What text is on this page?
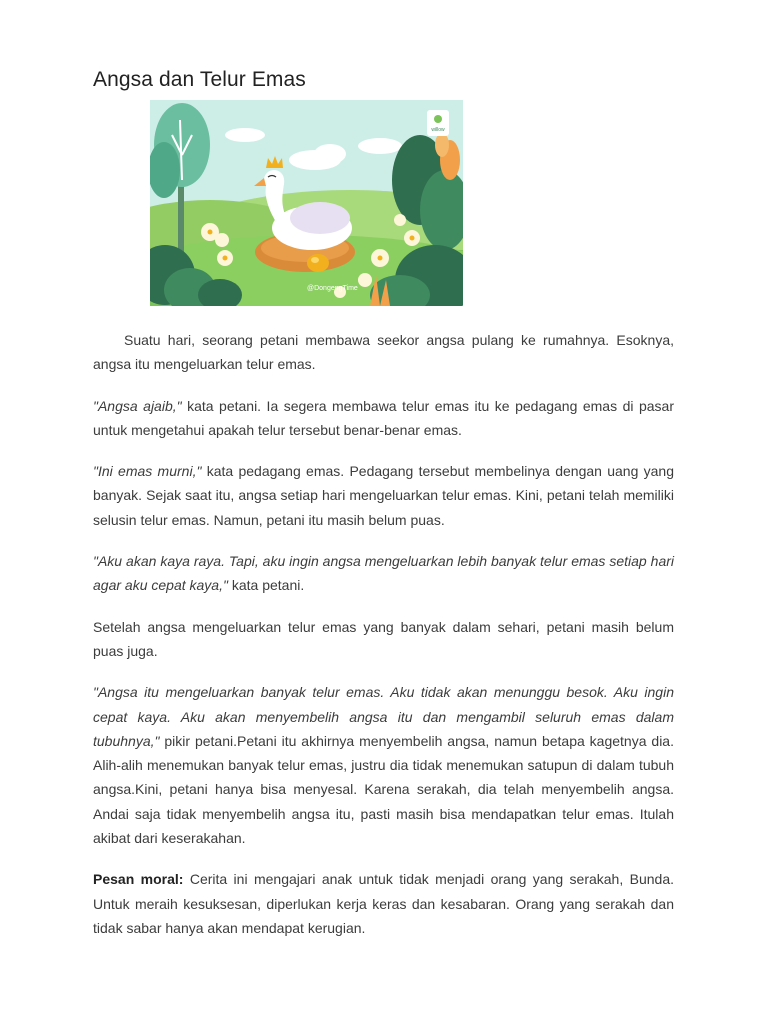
Angsa dan Telur Emas
willow
@DongengTime

Suatu hari, seorang petani membawa seekor angsa pulang ke rumahnya. Esoknya, angsa itu mengeluarkan telur emas.

"Angsa ajaib," kata petani. Ia segera membawa telur emas itu ke pedagang emas di pasar untuk mengetahui apakah telur tersebut benar-benar emas.

"Ini emas murni," kata pedagang emas. Pedagang tersebut membelinya dengan uang yang banyak. Sejak saat itu, angsa setiap hari mengeluarkan telur emas. Kini, petani telah memiliki selusin telur emas. Namun, petani itu masih belum puas.

"Aku akan kaya raya. Tapi, aku ingin angsa mengeluarkan lebih banyak telur emas setiap hari agar aku cepat kaya," kata petani.

Setelah angsa mengeluarkan telur emas yang banyak dalam sehari, petani masih belum puas juga.

"Angsa itu mengeluarkan banyak telur emas. Aku tidak akan menunggu besok. Aku ingin cepat kaya. Aku akan menyembelih angsa itu dan mengambil seluruh emas dalam tubuhnya," pikir petani.Petani itu akhirnya menyembelih angsa, namun betapa kagetnya dia. Alih-alih menemukan banyak telur emas, justru dia tidak menemukan satupun di dalam tubuh angsa.Kini, petani hanya bisa menyesal. Karena serakah, dia telah menyembelih angsa. Andai saja tidak menyembelih angsa itu, pasti masih bisa mendapatkan telur emas. Itulah akibat dari keserakahan.

Pesan moral: Cerita ini mengajari anak untuk tidak menjadi orang yang serakah, Bunda. Untuk meraih kesuksesan, diperlukan kerja keras dan kesabaran. Orang yang serakah dan tidak sabar hanya akan mendapat kerugian.
